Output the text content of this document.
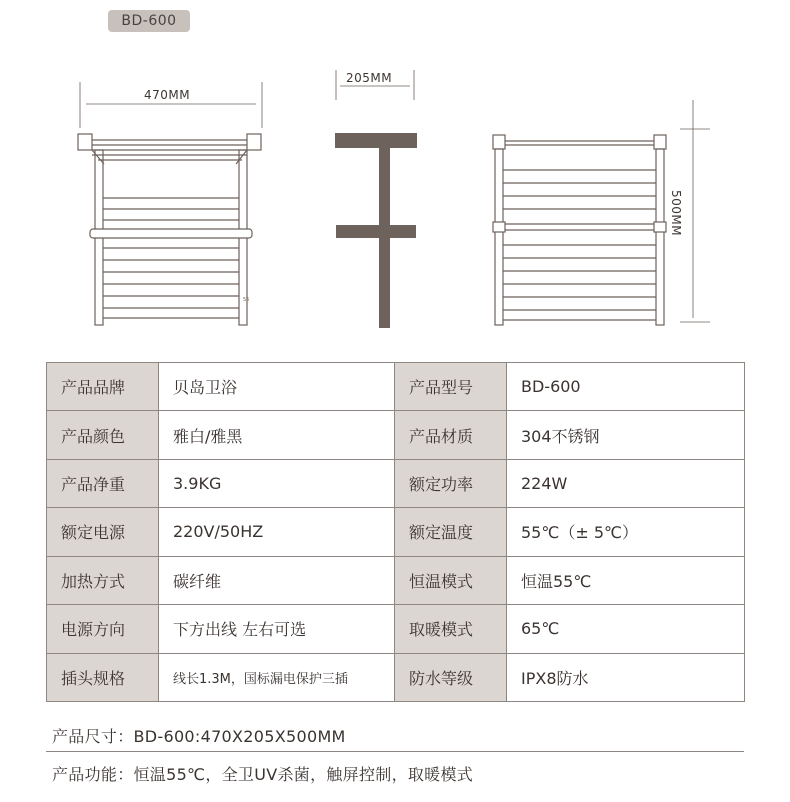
BD-600
55
470MM
205MM
500MM
产品品牌	贝岛卫浴	产品型号	BD-600
产品颜色	雅白/雅黑	产品材质	304不锈钢
产品净重	3.9KG	额定功率	224W
额定电源	220V/50HZ	额定温度	55℃（± 5℃）
加热方式	碳纤维	恒温模式	恒温55℃
电源方向	下方出线 左右可选	取暖模式	65℃
插头规格	线长1.3M，国标漏电保护三插	防水等级	IPX8防水
产品尺寸：BD-600:470X205X500MM
产品功能：恒温55℃，全卫UV杀菌，触屏控制，取暖模式
